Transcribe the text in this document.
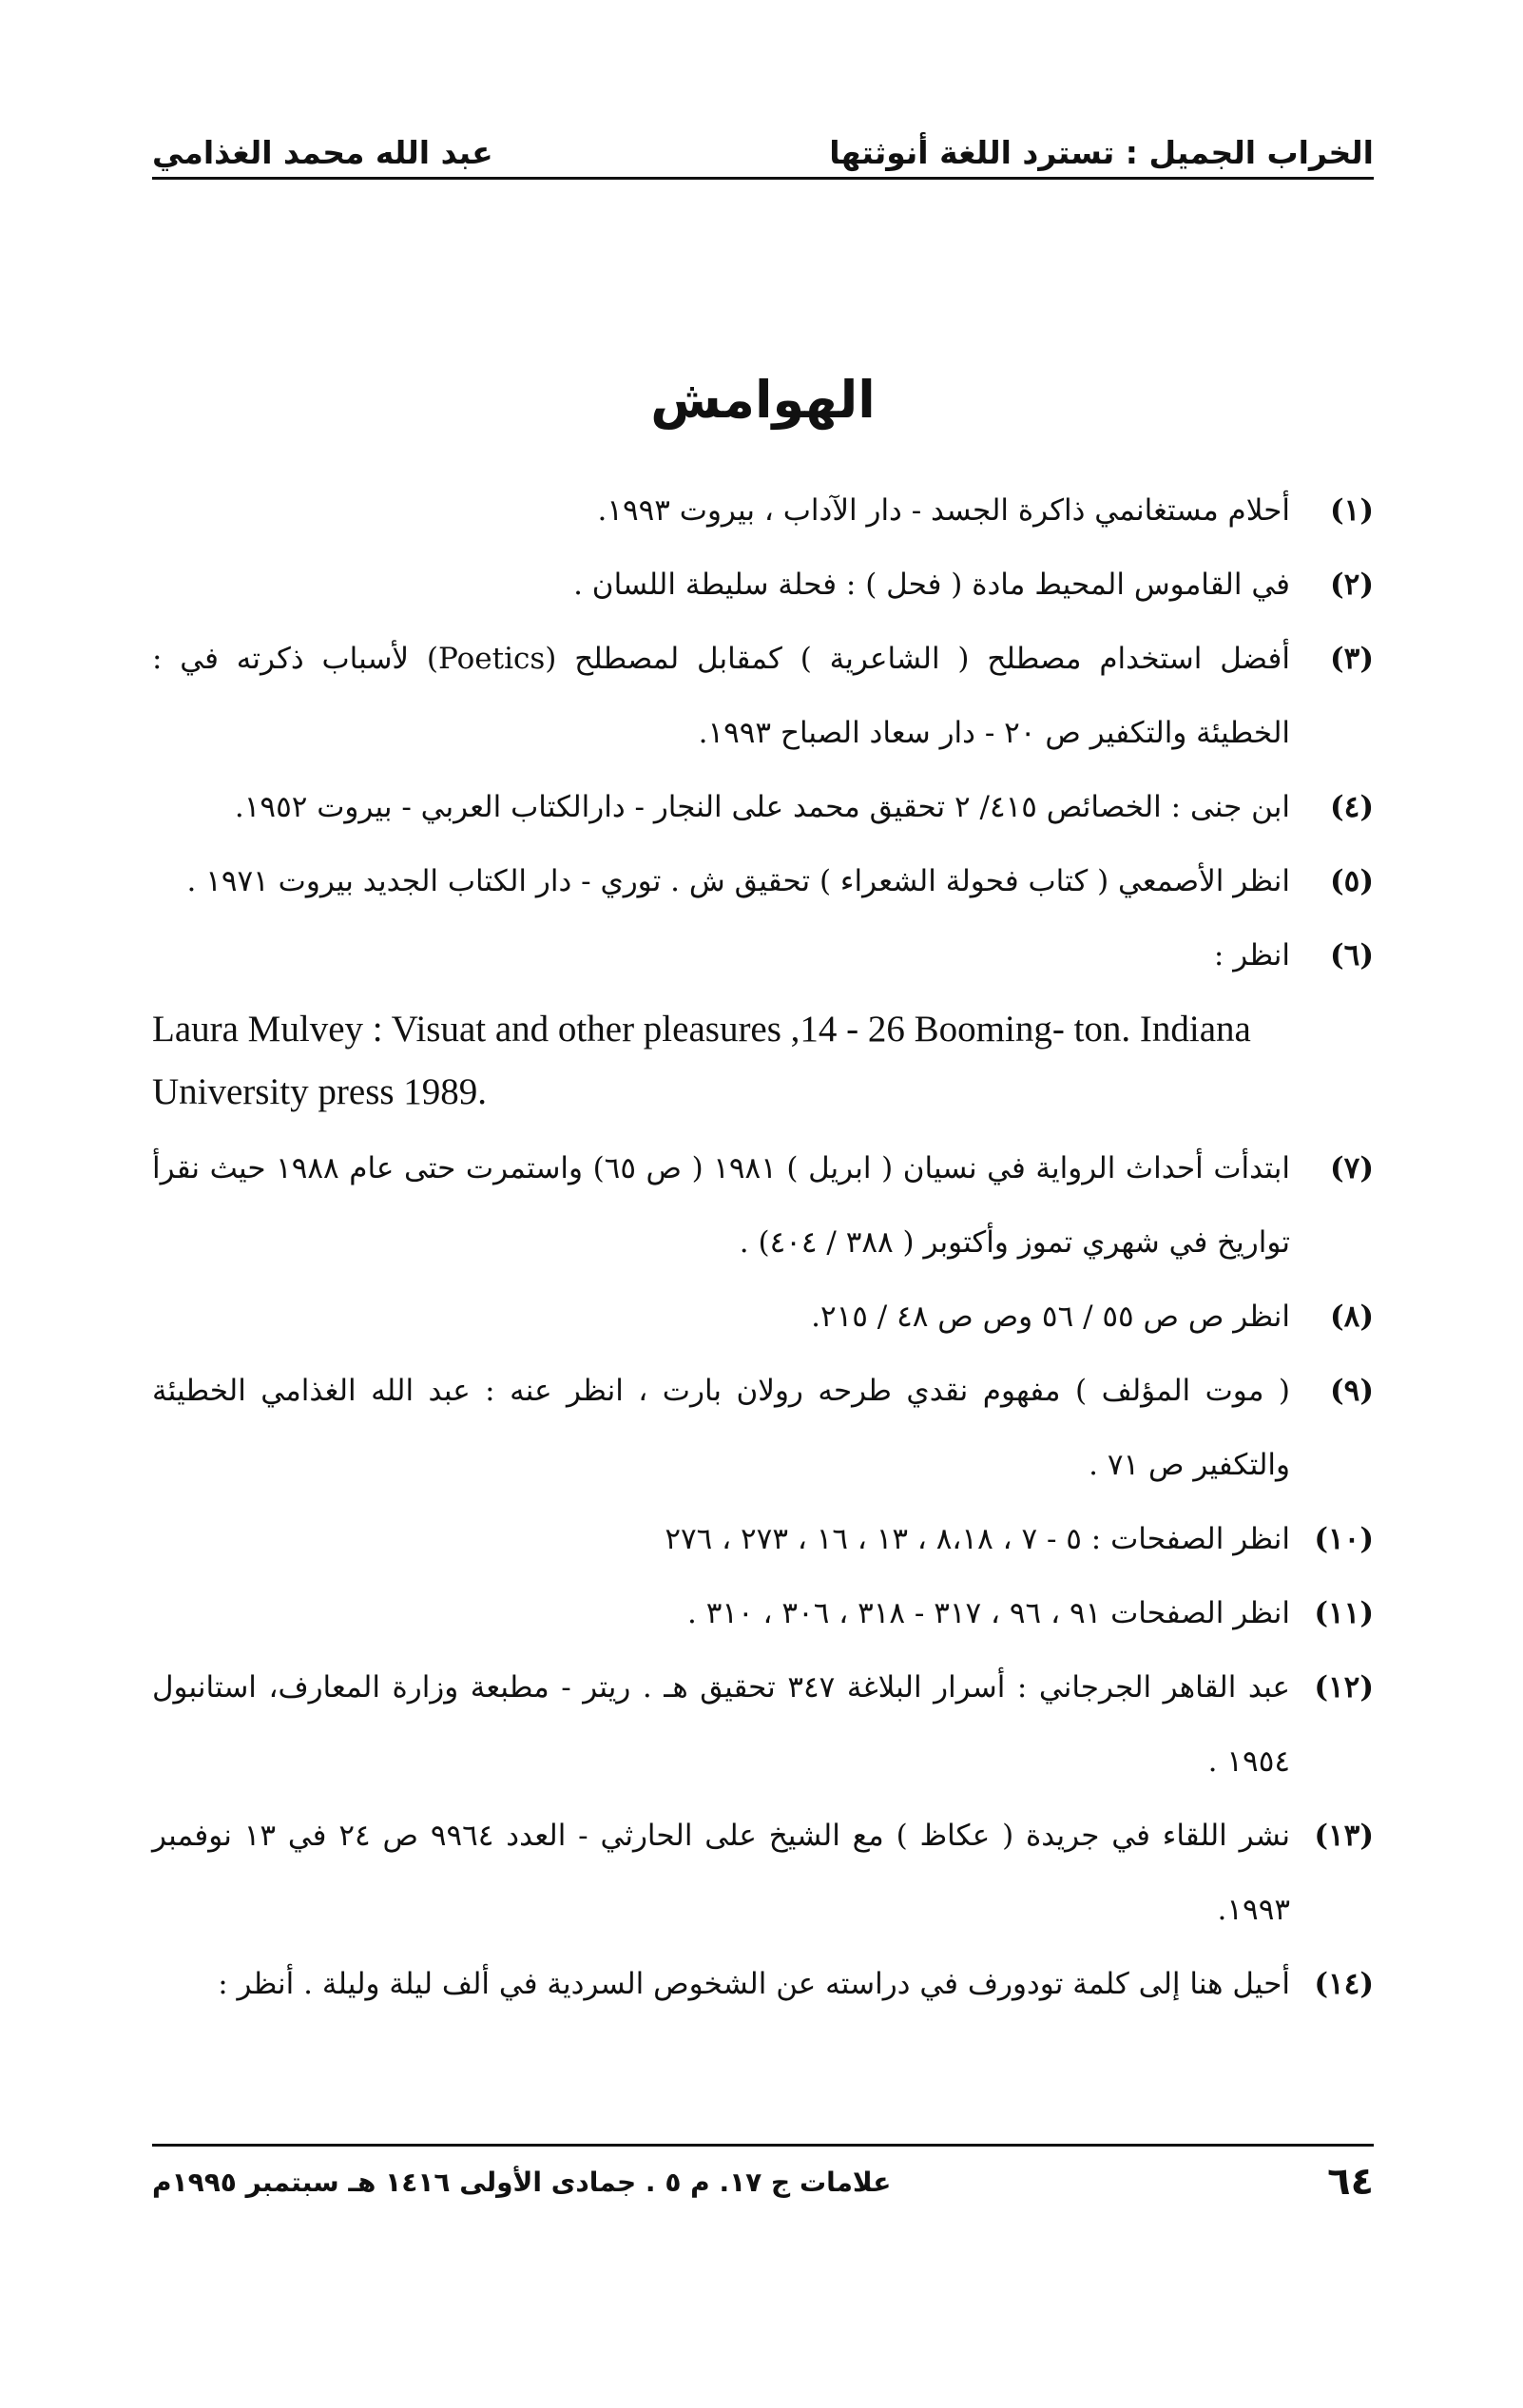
الخراب الجميل : تسترد اللغة أنوثتها
عبد الله محمد الغذامي
الهوامش
(١)
أحلام مستغانمي ذاكرة الجسد - دار الآداب ، بيروت ١٩٩٣.
(٢)
في القاموس المحيط مادة ( فحل ) : فحلة سليطة اللسان .
(٣)
أفضل استخدام مصطلح ( الشاعرية ) كمقابل لمصطلح (Poetics) لأسباب ذكرته في : الخطيئة والتكفير ص ٢٠ - دار سعاد الصباح ١٩٩٣.
(٤)
ابن جنى : الخصائص ٤١٥/ ٢ تحقيق محمد على النجار - دارالكتاب العربي - بيروت ١٩٥٢.
(٥)
انظر الأصمعي ( كتاب فحولة الشعراء ) تحقيق ش . توري - دار الكتاب الجديد بيروت ١٩٧١ .
(٦)
انظر :
Laura Mulvey : Visuat and other pleasures ,14 - 26 Booming- ton. Indiana University press 1989.
(٧)
ابتدأت أحداث الرواية في نسيان ( ابريل ) ١٩٨١ ( ص ٦٥) واستمرت حتى عام ١٩٨٨ حيث نقرأ تواريخ في شهري تموز وأكتوبر ( ٣٨٨ / ٤٠٤) .
(٨)
انظر ص ص ٥٥ / ٥٦ وص ص ٤٨ / ٢١٥.
(٩)
( موت المؤلف ) مفهوم نقدي طرحه رولان بارت ، انظر عنه : عبد الله الغذامي الخطيئة والتكفير ص ٧١ .
(١٠)
انظر الصفحات : ٥ - ٧ ، ٨،١٨ ، ١٣ ، ١٦ ، ٢٧٣ ، ٢٧٦
(١١)
انظر الصفحات ٩١ ، ٩٦ ، ٣١٧ - ٣١٨ ، ٣٠٦ ، ٣١٠ .
(١٢)
عبد القاهر الجرجاني : أسرار البلاغة ٣٤٧ تحقيق هـ . ريتر - مطبعة وزارة المعارف، استانبول ١٩٥٤ .
(١٣)
نشر اللقاء في جريدة ( عكاظ ) مع الشيخ على الحارثي - العدد ٩٩٦٤ ص ٢٤ في ١٣ نوفمبر ١٩٩٣.
(١٤)
أحيل هنا إلى كلمة تودورف في دراسته عن الشخوص السردية في ألف ليلة وليلة . أنظر :
٦٤
علامات ج ١٧. م ٥ . جمادى الأولى ١٤١٦ هـ سبتمبر ١٩٩٥م
